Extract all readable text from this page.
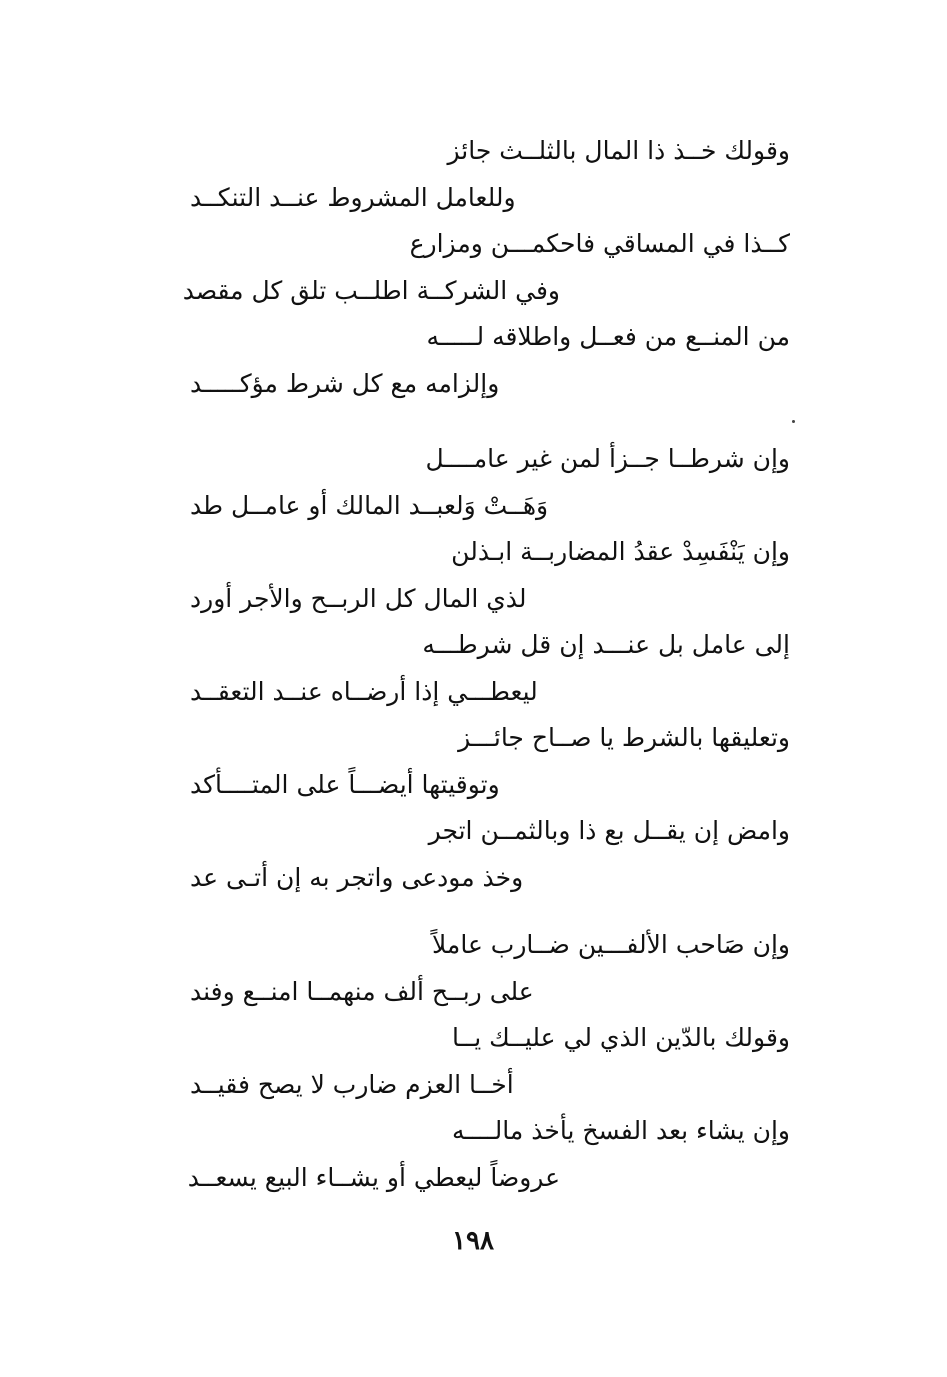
وقولك خــذ ذا المال بالثلــث جائز
وللعامل المشروط عنــد التنكــد
كــذا في المساقي فاحكمـــن ومزارع
وفي الشركــة اطلــب تلق كل مقصد
من المنــع من فعــل واطلاقه لـــــه
وإلزامه مع كل شرط مؤكـــــد
وإن شرطــا جــزأ لمن غير عامــــل
وَهَــتْ وَلعبــد المالك أو عامــل طد
وإن يَنْفَسِدْ عقدُ المضاربــة ابـذلن
لذي المال كل الربــح والأجر أورد
إلى عامل بل عنـــد إن قل شرطـــه
ليعطـــي إذا أرضــاه عنــد التعقــد
وتعليقها بالشرط يا صــاح جائـــز
وتوقيتها أيضـــاً على المتــــأكد
وامض إن يقــل بع ذا وبالثمــن اتجر
وخذ مودعى واتجر به إن أتـى عد
وإن صَاحب الألفـــين ضــارب عاملاً
على ربــح ألف منهمــا امنــع وفند
وقولك بالدّين الذي لي عليــك يــا
أخــا العزم ضارب لا يصح فقيــد
وإن يشاء بعد الفسخ يأخذ مالــــه
عروضاً ليعطي أو يشــاء البيع يسعــد
١٩٨
